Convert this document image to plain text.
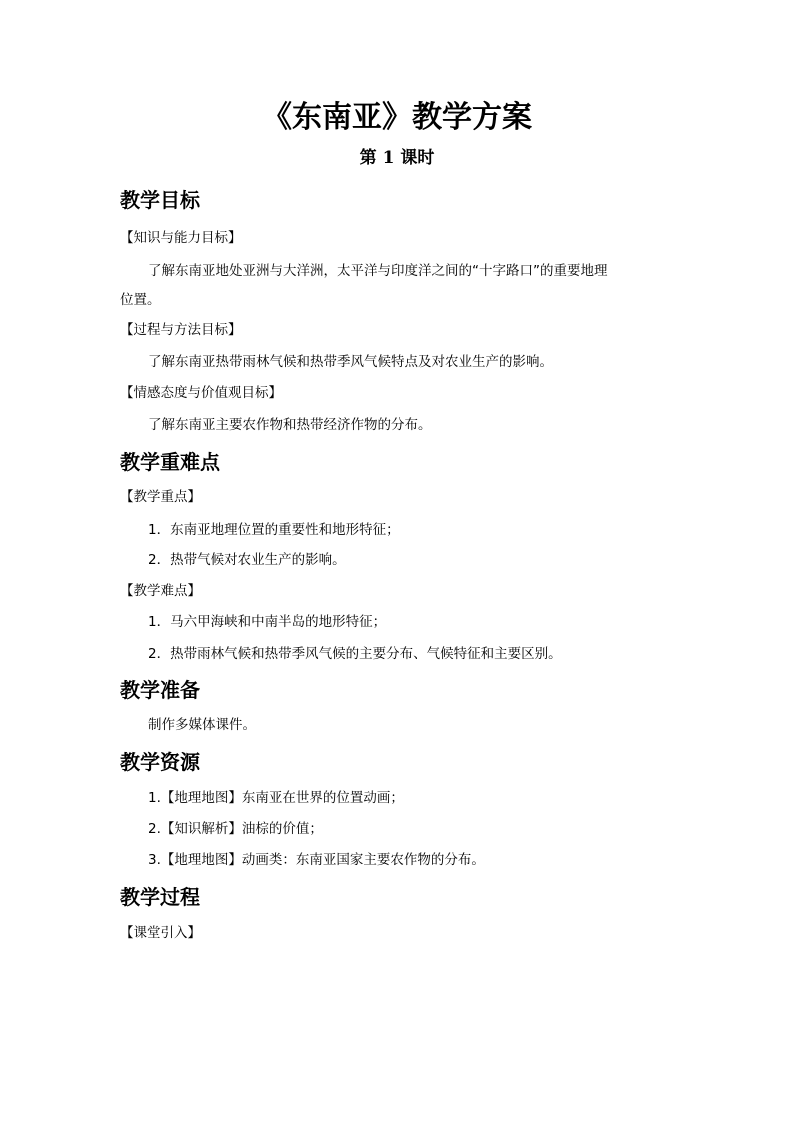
《东南亚》教学方案
第 1 课时
教学目标
【知识与能力目标】
了解东南亚地处亚洲与大洋洲，太平洋与印度洋之间的“十字路口”的重要地理
位置。
【过程与方法目标】
了解东南亚热带雨林气候和热带季风气候特点及对农业生产的影响。
【情感态度与价值观目标】
了解东南亚主要农作物和热带经济作物的分布。
教学重难点
【教学重点】
1．东南亚地理位置的重要性和地形特征；
2．热带气候对农业生产的影响。
【教学难点】
1．马六甲海峡和中南半岛的地形特征；
2．热带雨林气候和热带季风气候的主要分布、气候特征和主要区别。
教学准备
制作多媒体课件。
教学资源
1.【地理地图】东南亚在世界的位置动画；
2.【知识解析】油棕的价值；
3.【地理地图】动画类：东南亚国家主要农作物的分布。
教学过程
【课堂引入】
